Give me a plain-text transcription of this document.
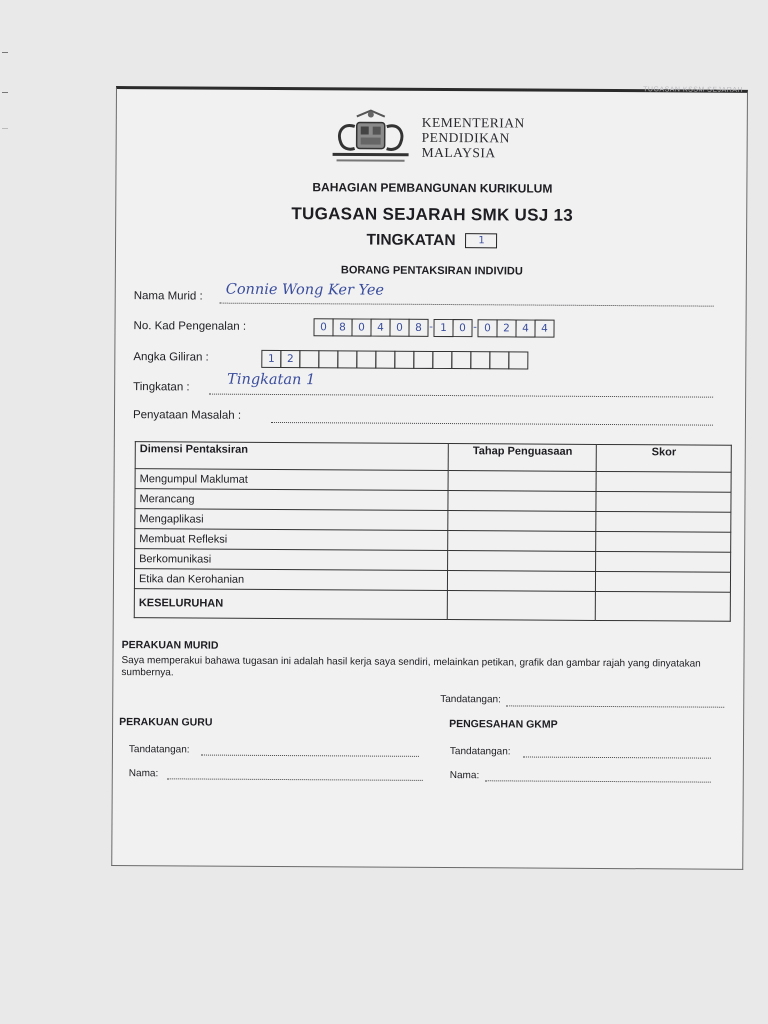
TUGASAN KSSM SEJARAH
KEMENTERIAN
PENDIDIKAN
MALAYSIA
BAHAGIAN PEMBANGUNAN KURIKULUM
TUGASAN SEJARAH SMK USJ 13
TINGKATAN 1
BORANG PENTAKSIRAN INDIVIDU
Nama Murid : Connie Wong Ker Yee
No. Kad Pengenalan :	0	8	0	4	0	8 - 1	0 - 0	2	4	4
Angka Giliran :	1	2
Tingkatan :	Tingkatan 1
Penyataan Masalah :
Dimensi Pentaksiran	Tahap Penguasaan	Skor
Mengumpul Maklumat		
Merancang		
Mengaplikasi		
Membuat Refleksi		
Berkomunikasi		
Etika dan Kerohanian		
KESELURUHAN		
PERAKUAN MURID
Saya memperakui bahawa tugasan ini adalah hasil kerja saya sendiri, melainkan petikan, grafik dan gambar rajah yang dinyatakan sumbernya.
Tandatangan:
PERAKUAN GURU
Tandatangan:
Nama:
PENGESAHAN GKMP
Tandatangan:
Nama:
